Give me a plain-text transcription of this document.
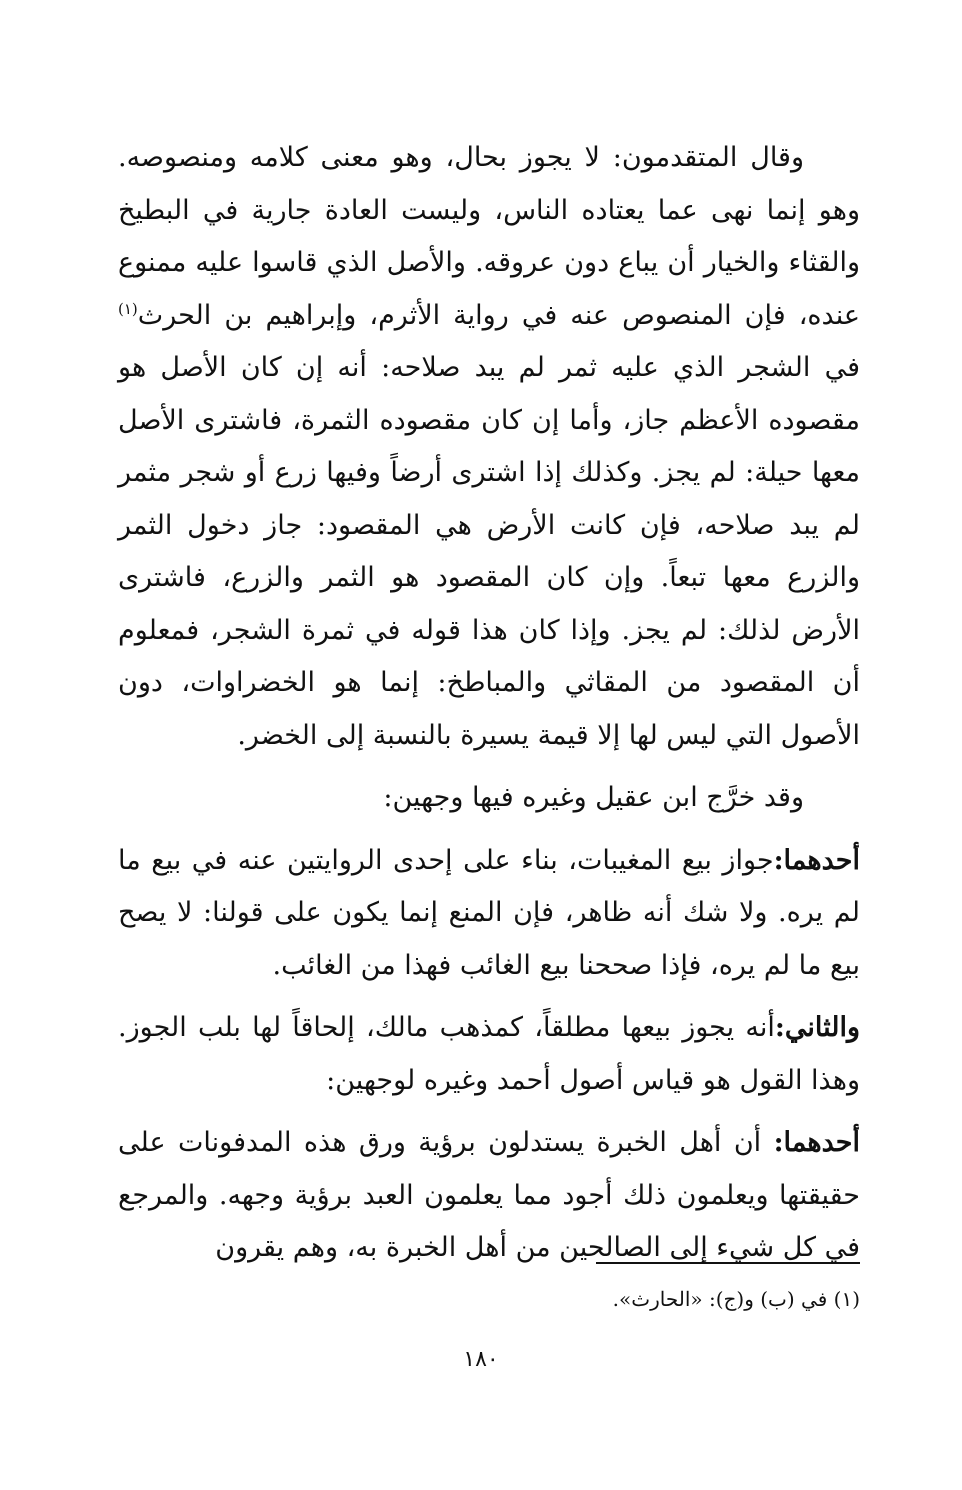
وقال المتقدمون: لا يجوز بحال، وهو معنى كلامه ومنصوصه. وهو إنما نهى عما يعتاده الناس، وليست العادة جارية في البطيخ والقثاء والخيار أن يباع دون عروقه. والأصل الذي قاسوا عليه ممنوع عنده، فإن المنصوص عنه في رواية الأثرم، وإبراهيم بن الحرث$^{(١)}$ في الشجر الذي عليه ثمر لم يبد صلاحه: أنه إن كان الأصل هو مقصوده الأعظم جاز، وأما إن كان مقصوده الثمرة، فاشترى الأصل معها حيلة: لم يجز. وكذلك إذا اشترى أرضاً وفيها زرع أو شجر مثمر لم يبد صلاحه، فإن كانت الأرض هي المقصود: جاز دخول الثمر والزرع معها تبعاً. وإن كان المقصود هو الثمر والزرع، فاشترى الأرض لذلك: لم يجز. وإذا كان هذا قوله في ثمرة الشجر، فمعلوم أن المقصود من المقاثي والمباطخ: إنما هو الخضراوات، دون الأصول التي ليس لها إلا قيمة يسيرة بالنسبة إلى الخضر.

وقد خرَّج ابن عقيل وغيره فيها وجهين:

أحدهما:جواز بيع المغيبات، بناء على إحدى الروايتين عنه في بيع ما لم يره. ولا شك أنه ظاهر، فإن المنع إنما يكون على قولنا: لا يصح بيع ما لم يره، فإذا صححنا بيع الغائب فهذا من الغائب.

والثاني:أنه يجوز بيعها مطلقاً، كمذهب مالك، إلحاقاً لها بلب الجوز. وهذا القول هو قياس أصول أحمد وغيره لوجهين:

أحدهما: أن أهل الخبرة يستدلون برؤية ورق هذه المدفونات على حقيقتها ويعلمون ذلك أجود مما يعلمون العبد برؤية وجهه. والمرجع في كل شيء إلى الصالحين من أهل الخبرة به، وهم يقرون

(١) في (ب) و(ج): «الحارث».
١٨٠
